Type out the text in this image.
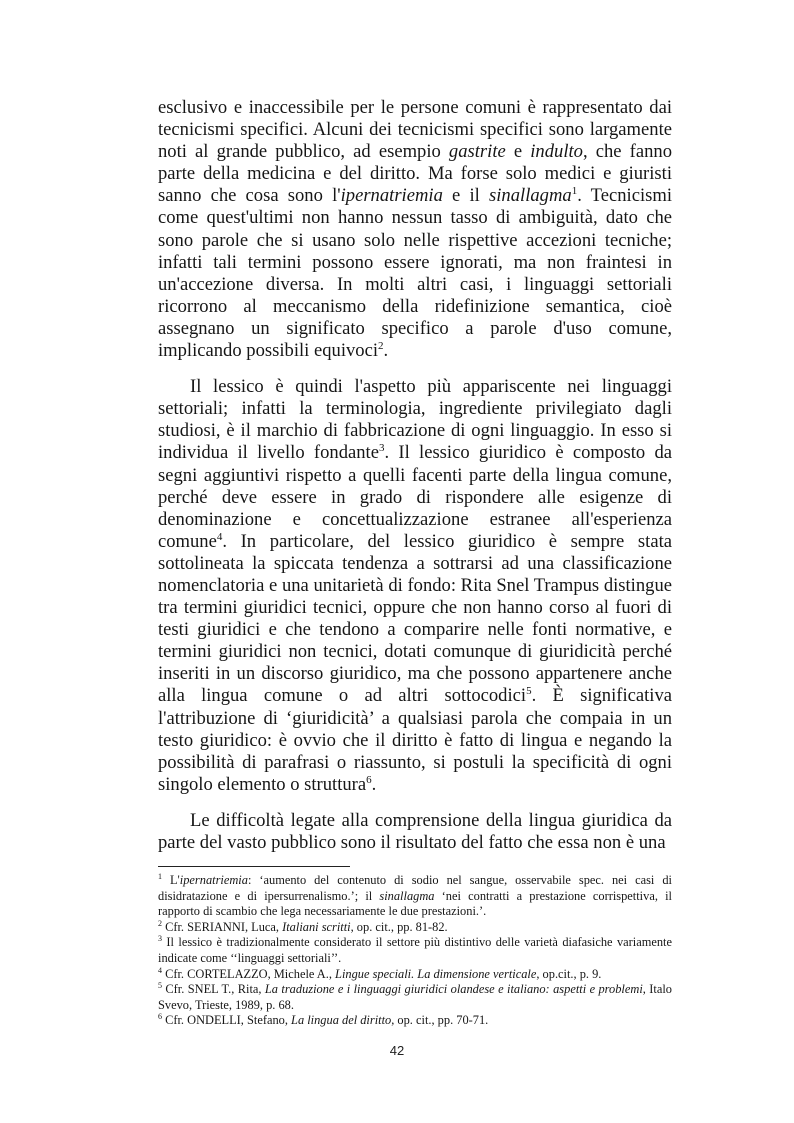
esclusivo e inaccessibile per le persone comuni è rappresentato dai tecnicismi specifici. Alcuni dei tecnicismi specifici sono largamente noti al grande pubblico, ad esempio gastrite e indulto, che fanno parte della medicina e del diritto. Ma forse solo medici e giuristi sanno che cosa sono l'ipernatriemia e il sinallagma$^1$. Tecnicismi come quest'ultimi non hanno nessun tasso di ambiguità, dato che sono parole che si usano solo nelle rispettive accezioni tecniche; infatti tali termini possono essere ignorati, ma non fraintesi in un'accezione diversa. In molti altri casi, i linguaggi settoriali ricorrono al meccanismo della ridefinizione semantica, cioè assegnano un significato specifico a parole d'uso comune, implicando possibili equivoci$^2$.

Il lessico è quindi l'aspetto più appariscente nei linguaggi settoriali; infatti la terminologia, ingrediente privilegiato dagli studiosi, è il marchio di fabbricazione di ogni linguaggio. In esso si individua il livello fondante$^3$. Il lessico giuridico è composto da segni aggiuntivi rispetto a quelli facenti parte della lingua comune, perché deve essere in grado di rispondere alle esigenze di denominazione e concettualizzazione estranee all'esperienza comune$^4$. In particolare, del lessico giuridico è sempre stata sottolineata la spiccata tendenza a sottrarsi ad una classificazione nomenclatoria e una unitarietà di fondo: Rita Snel Trampus distingue tra termini giuridici tecnici, oppure che non hanno corso al fuori di testi giuridici e che tendono a comparire nelle fonti normative, e termini giuridici non tecnici, dotati comunque di giuridicità perché inseriti in un discorso giuridico, ma che possono appartenere anche alla lingua comune o ad altri sottocodici$^5$. È significativa l'attribuzione di ‘giuridicità’ a qualsiasi parola che compaia in un testo giuridico: è ovvio che il diritto è fatto di lingua e negando la possibilità di parafrasi o riassunto, si postuli la specificità di ogni singolo elemento o struttura$^6$.

Le difficoltà legate alla comprensione della lingua giuridica da parte del vasto pubblico sono il risultato del fatto che essa non è una

$^1$ L'ipernatriemia: ‘aumento del contenuto di sodio nel sangue, osservabile spec. nei casi di disidratazione e di ipersurrenalismo.’; il sinallagma ‘nei contratti a prestazione corrispettiva, il rapporto di scambio che lega necessariamente le due prestazioni.’.

$^2$ Cfr. SERIANNI, Luca, Italiani scritti, op. cit., pp. 81-82.

$^3$ Il lessico è tradizionalmente considerato il settore più distintivo delle varietà diafasiche variamente indicate come ‘‘linguaggi settoriali’’.

$^4$ Cfr. CORTELAZZO, Michele A., Lingue speciali. La dimensione verticale, op.cit., p. 9.

$^5$ Cfr. SNEL T., Rita, La traduzione e i linguaggi giuridici olandese e italiano: aspetti e problemi, Italo Svevo, Trieste, 1989, p. 68.

$^6$ Cfr. ONDELLI, Stefano, La lingua del diritto, op. cit., pp. 70-71.

42
